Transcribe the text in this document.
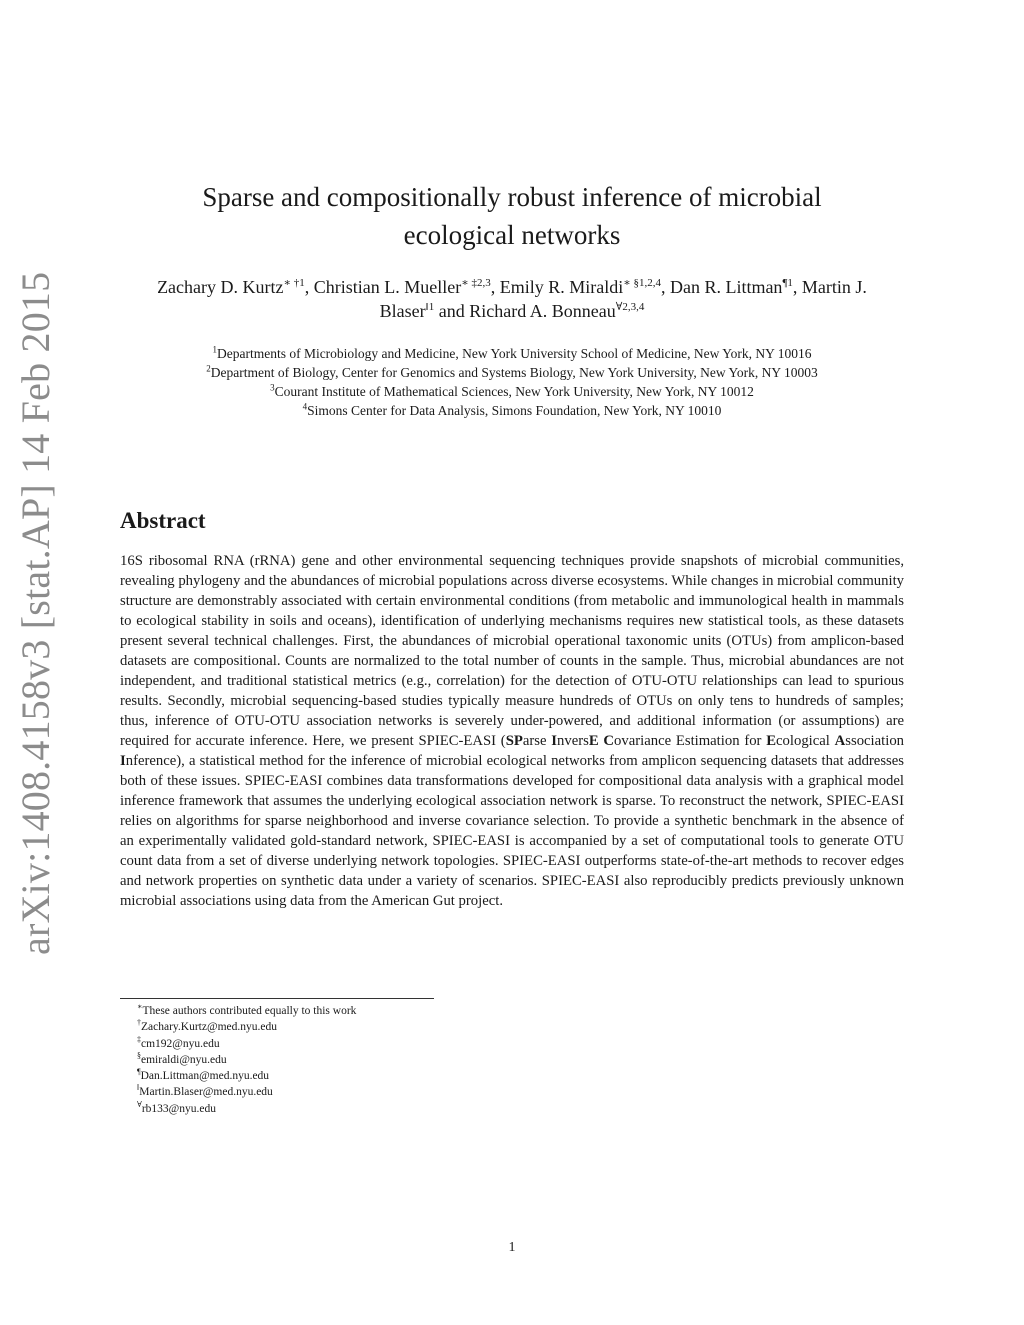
arXiv:1408.4158v3 [stat.AP] 14 Feb 2015
Sparse and compositionally robust inference of microbial
ecological networks
Zachary D. Kurtz$^{∗ \dagger 1}$, Christian L. Mueller$^{∗ \ddagger 2,3}$, Emily R. Miraldi$^{∗ \S 1,2,4}$, Dan R. Littman$^{\P 1}$, Martin J. Blaser$^{‖1}$ and Richard A. Bonneau$^{\forall 2,3,4}$
$^1$Departments of Microbiology and Medicine, New York University School of Medicine, New York, NY 10016
$^2$Department of Biology, Center for Genomics and Systems Biology, New York University, New York, NY 10003
$^3$Courant Institute of Mathematical Sciences, New York University, New York, NY 10012
$^4$Simons Center for Data Analysis, Simons Foundation, New York, NY 10010
Abstract
16S ribosomal RNA (rRNA) gene and other environmental sequencing techniques provide snapshots of microbial communities, revealing phylogeny and the abundances of microbial populations across diverse ecosystems. While changes in microbial community structure are demonstrably associated with certain environmental conditions (from metabolic and immunological health in mammals to ecological stability in soils and oceans), identification of underlying mechanisms requires new statistical tools, as these datasets present several technical challenges. First, the abundances of microbial operational taxonomic units (OTUs) from amplicon-based datasets are compositional. Counts are normalized to the total number of counts in the sample. Thus, microbial abundances are not independent, and traditional statistical metrics (e.g., correlation) for the detection of OTU-OTU relationships can lead to spurious results. Secondly, microbial sequencing-based studies typically measure hundreds of OTUs on only tens to hundreds of samples; thus, inference of OTU-OTU association networks is severely under-powered, and additional information (or assumptions) are required for accurate inference. Here, we present SPIEC-EASI (SParse InversE Covariance Estimation for Ecological Association Inference), a statistical method for the inference of microbial ecological networks from amplicon sequencing datasets that addresses both of these issues. SPIEC-EASI combines data transformations developed for compositional data analysis with a graphical model inference framework that assumes the underlying ecological association network is sparse. To reconstruct the network, SPIEC-EASI relies on algorithms for sparse neighborhood and inverse covariance selection. To provide a synthetic benchmark in the absence of an experimentally validated gold-standard network, SPIEC-EASI is accompanied by a set of computational tools to generate OTU count data from a set of diverse underlying network topologies. SPIEC-EASI outperforms state-of-the-art methods to recover edges and network properties on synthetic data under a variety of scenarios. SPIEC-EASI also reproducibly predicts previously unknown microbial associations using data from the American Gut project.
∗These authors contributed equally to this work
†Zachary.Kurtz@med.nyu.edu
‡cm192@nyu.edu
§emiraldi@nyu.edu
¶Dan.Littman@med.nyu.edu
‖Martin.Blaser@med.nyu.edu
∀rb133@nyu.edu
1
